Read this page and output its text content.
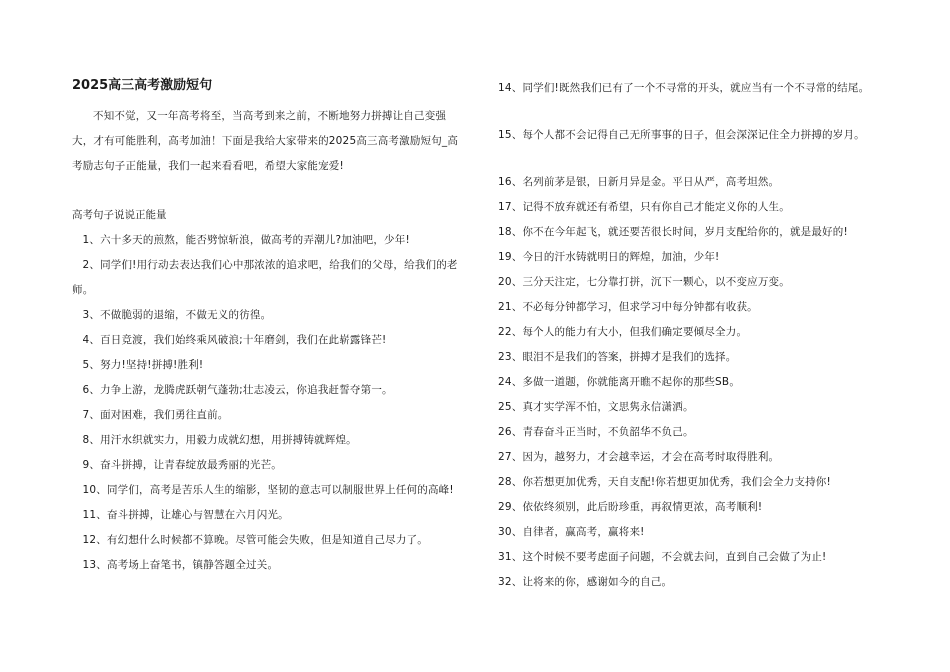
2025高三高考激励短句

不知不觉，又一年高考将至，当高考到来之前，不断地努力拼搏让自己变强大，才有可能胜利，高考加油！下面是我给大家带来的2025高三高考激励短句_高考励志句子正能量，我们一起来看看吧，希望大家能宠爱!

高考句子说说正能量

1、六十多天的煎熬，能否劈惊斩浪，做高考的弄潮儿?加油吧，少年!

2、同学们!用行动去表达我们心中那浓浓的追求吧，给我们的父母，给我们的老师。

3、不做脆弱的退缩，不做无义的彷徨。

4、百日竞渡，我们始终乘风破浪;十年磨剑，我们在此崭露锋芒!

5、努力!坚持!拼搏!胜利!

6、力争上游，龙腾虎跃朝气蓬勃;壮志凌云，你追我赶誓夺第一。

7、面对困难，我们勇往直前。

8、用汗水织就实力，用毅力成就幻想，用拼搏铸就辉煌。

9、奋斗拼搏，让青春绽放最秀丽的光芒。

10、同学们，高考是苦乐人生的缩影，坚韧的意志可以制服世界上任何的高峰!

11、奋斗拼搏，让雄心与智慧在六月闪光。

12、有幻想什么时候都不算晚。尽管可能会失败，但是知道自己尽力了。

13、高考场上奋笔书，镇静答题全过关。

14、同学们!既然我们已有了一个不寻常的开头，就应当有一个不寻常的结尾。

15、每个人都不会记得自己无所事事的日子，但会深深记住全力拼搏的岁月。

16、名列前茅是银，日新月异是金。平日从严，高考坦然。

17、记得不放弃就还有希望，只有你自己才能定义你的人生。

18、你不在今年起飞，就还要苦很长时间，岁月支配给你的，就是最好的!

19、今日的汗水铸就明日的辉煌，加油，少年!

20、三分天注定，七分靠打拼，沉下一颗心，以不变应万变。

21、不必每分钟都学习，但求学习中每分钟都有收获。

22、每个人的能力有大小，但我们确定要倾尽全力。

23、眼泪不是我们的答案，拼搏才是我们的选择。

24、多做一道题，你就能离开瞧不起你的那些SB。

25、真才实学浑不怕，文思隽永信潇洒。

26、青春奋斗正当时，不负韶华不负己。

27、因为，越努力，才会越幸运，才会在高考时取得胜利。

28、你若想更加优秀，天自支配!你若想更加优秀，我们会全力支持你!

29、依依终须别，此后盼珍重，再叙情更浓，高考顺利!

30、自律者，赢高考，赢将来!

31、这个时候不要考虑面子问题，不会就去问，直到自己会做了为止!

32、让将来的你，感谢如今的自己。
